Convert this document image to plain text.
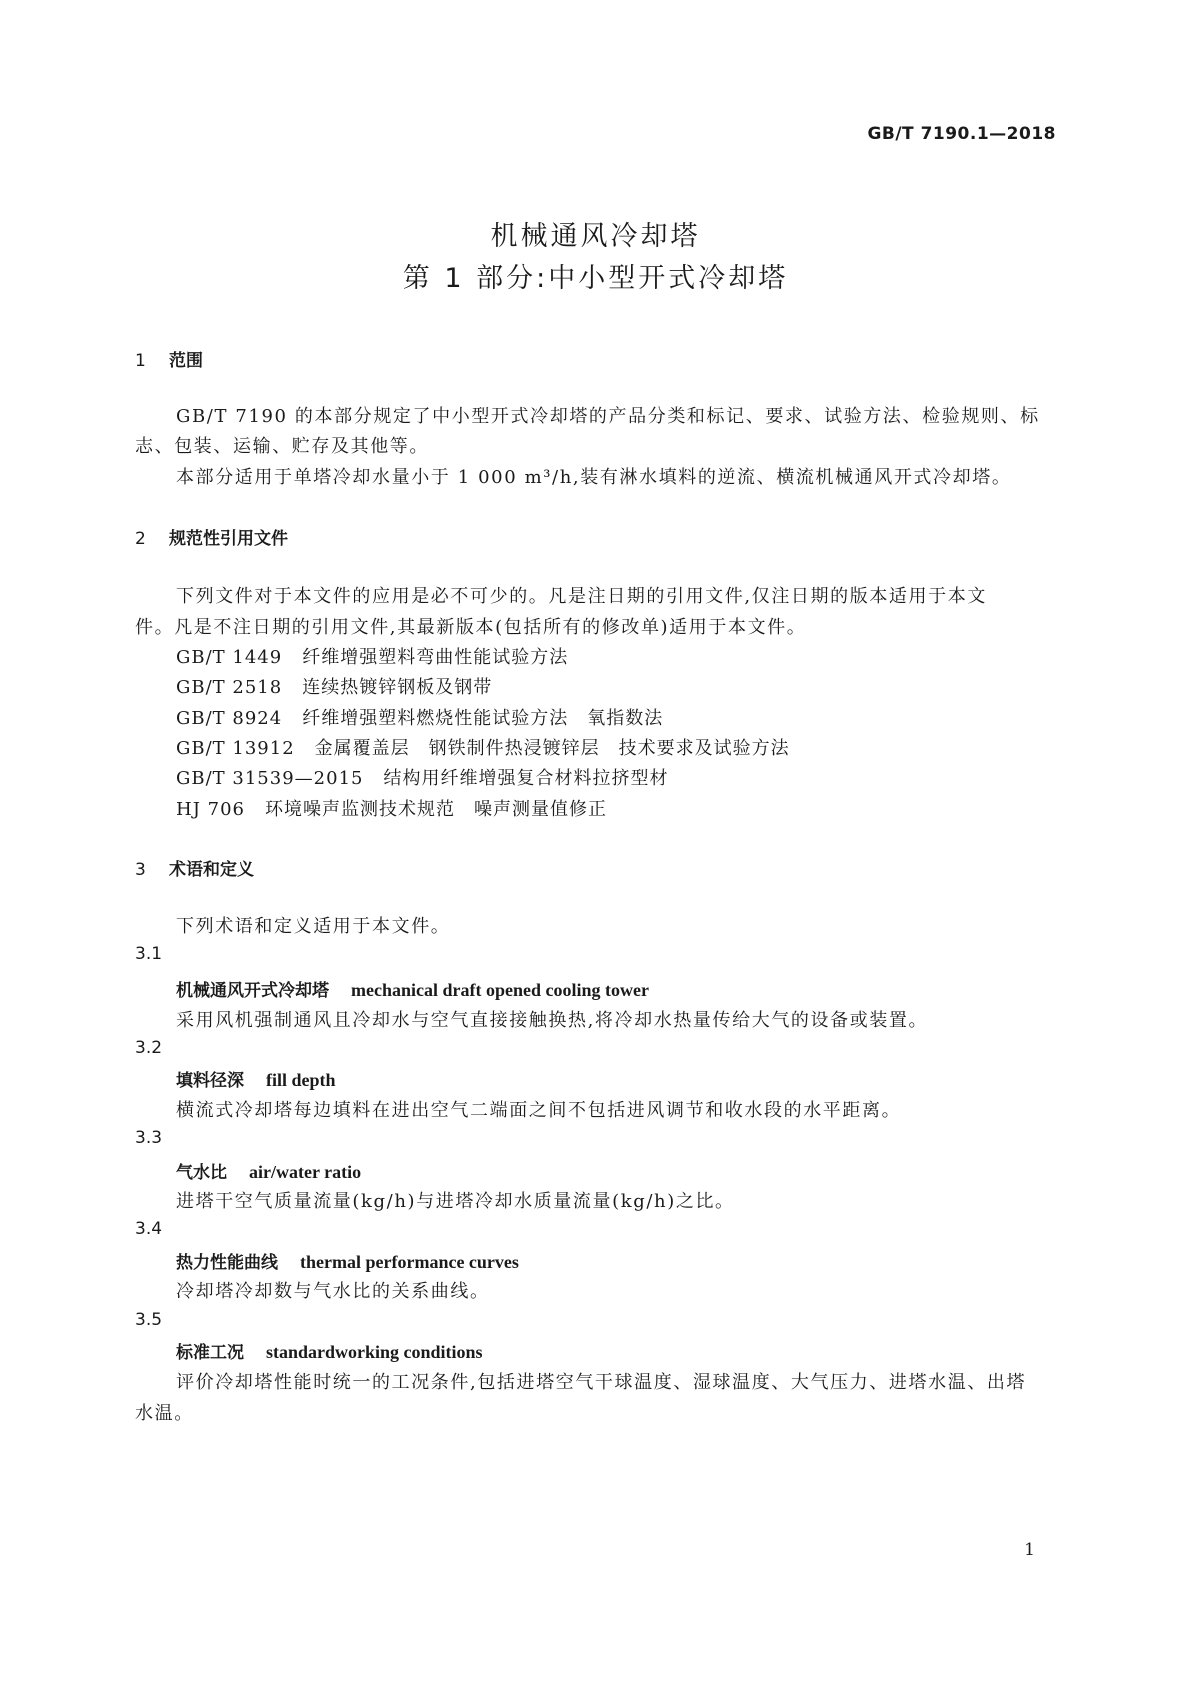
GB/T 7190.1—2018
机械通风冷却塔
第 1 部分:中小型开式冷却塔
1 范围
GB/T 7190 的本部分规定了中小型开式冷却塔的产品分类和标记、要求、试验方法、检验规则、标
志、包装、运输、贮存及其他等。
本部分适用于单塔冷却水量小于 1 000 m³/h,装有淋水填料的逆流、横流机械通风开式冷却塔。
2 规范性引用文件
下列文件对于本文件的应用是必不可少的。凡是注日期的引用文件,仅注日期的版本适用于本文
件。凡是不注日期的引用文件,其最新版本(包括所有的修改单)适用于本文件。
GB/T 1449 纤维增强塑料弯曲性能试验方法
GB/T 2518 连续热镀锌钢板及钢带
GB/T 8924 纤维增强塑料燃烧性能试验方法　氧指数法
GB/T 13912 金属覆盖层　钢铁制件热浸镀锌层　技术要求及试验方法
GB/T 31539—2015 结构用纤维增强复合材料拉挤型材
HJ 706 环境噪声监测技术规范　噪声测量值修正
3 术语和定义
下列术语和定义适用于本文件。
3.1
机械通风开式冷却塔 mechanical draft opened cooling tower
采用风机强制通风且冷却水与空气直接接触换热,将冷却水热量传给大气的设备或装置。
3.2
填料径深 fill depth
横流式冷却塔每边填料在进出空气二端面之间不包括进风调节和收水段的水平距离。
3.3
气水比 air/water ratio
进塔干空气质量流量(kg/h)与进塔冷却水质量流量(kg/h)之比。
3.4
热力性能曲线 thermal performance curves
冷却塔冷却数与气水比的关系曲线。
3.5
标准工况 standardworking conditions
评价冷却塔性能时统一的工况条件,包括进塔空气干球温度、湿球温度、大气压力、进塔水温、出塔
水温。
1
